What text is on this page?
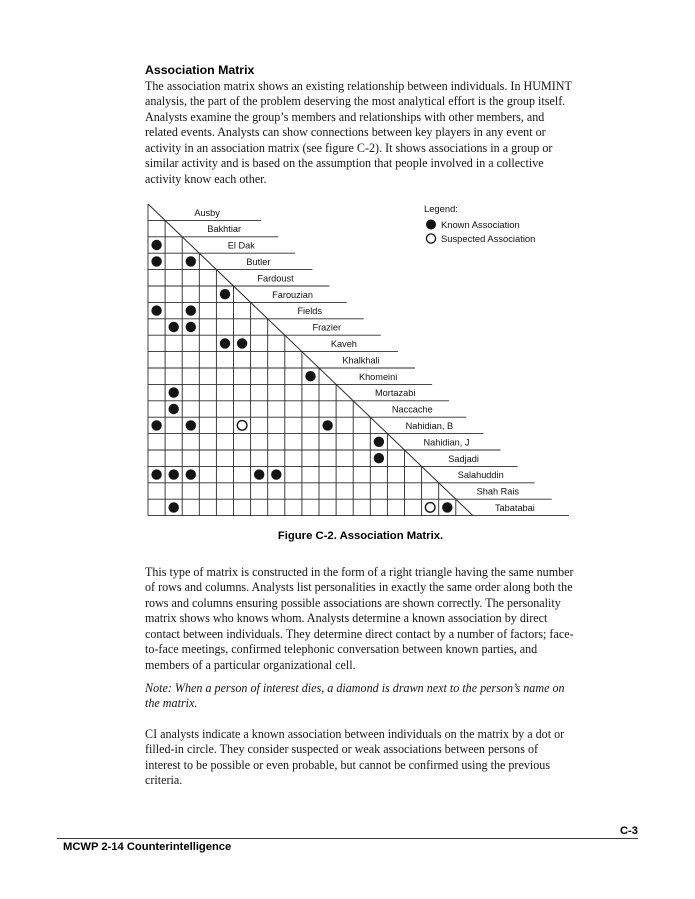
Association Matrix

The association matrix shows an existing relationship between individuals. In HUMINT analysis, the part of the problem deserving the most analytical effort is the group itself. Analysts examine the group’s members and relationships with other members, and related events. Analysts can show connections between key players in any event or activity in an association matrix (see figure C-2). It shows associations in a group or similar activity and is based on the assumption that people involved in a collective activity know each other.

Ausby
Bakhtiar
El Dak
Butler
Fardoust
Farouzian
Fields
Frazier
Kaveh
Khalkhali
Khomeini
Mortazabi
Naccache
Nahidian, B
Nahidian, J
Sadjadi
Salahuddin
Shah Rais
Tabatabai
Legend:
Known Association
Suspected Association
Figure C-2. Association Matrix.

This type of matrix is constructed in the form of a right triangle having the same number of rows and columns. Analysts list personalities in exactly the same order along both the rows and columns ensuring possible associations are shown correctly. The personality matrix shows who knows whom. Analysts determine a known association by direct contact between individuals. They determine direct contact by a number of factors; face-to-face meetings, confirmed telephonic conversation between known parties, and members of a particular organizational cell.

Note: When a person of interest dies, a diamond is drawn next to the person’s name on the matrix.

CI analysts indicate a known association between individuals on the matrix by a dot or filled-in circle. They consider suspected or weak associations between persons of interest to be possible or even probable, but cannot be confirmed using the previous criteria.

MCWP 2-14 Counterintelligence
C-3
